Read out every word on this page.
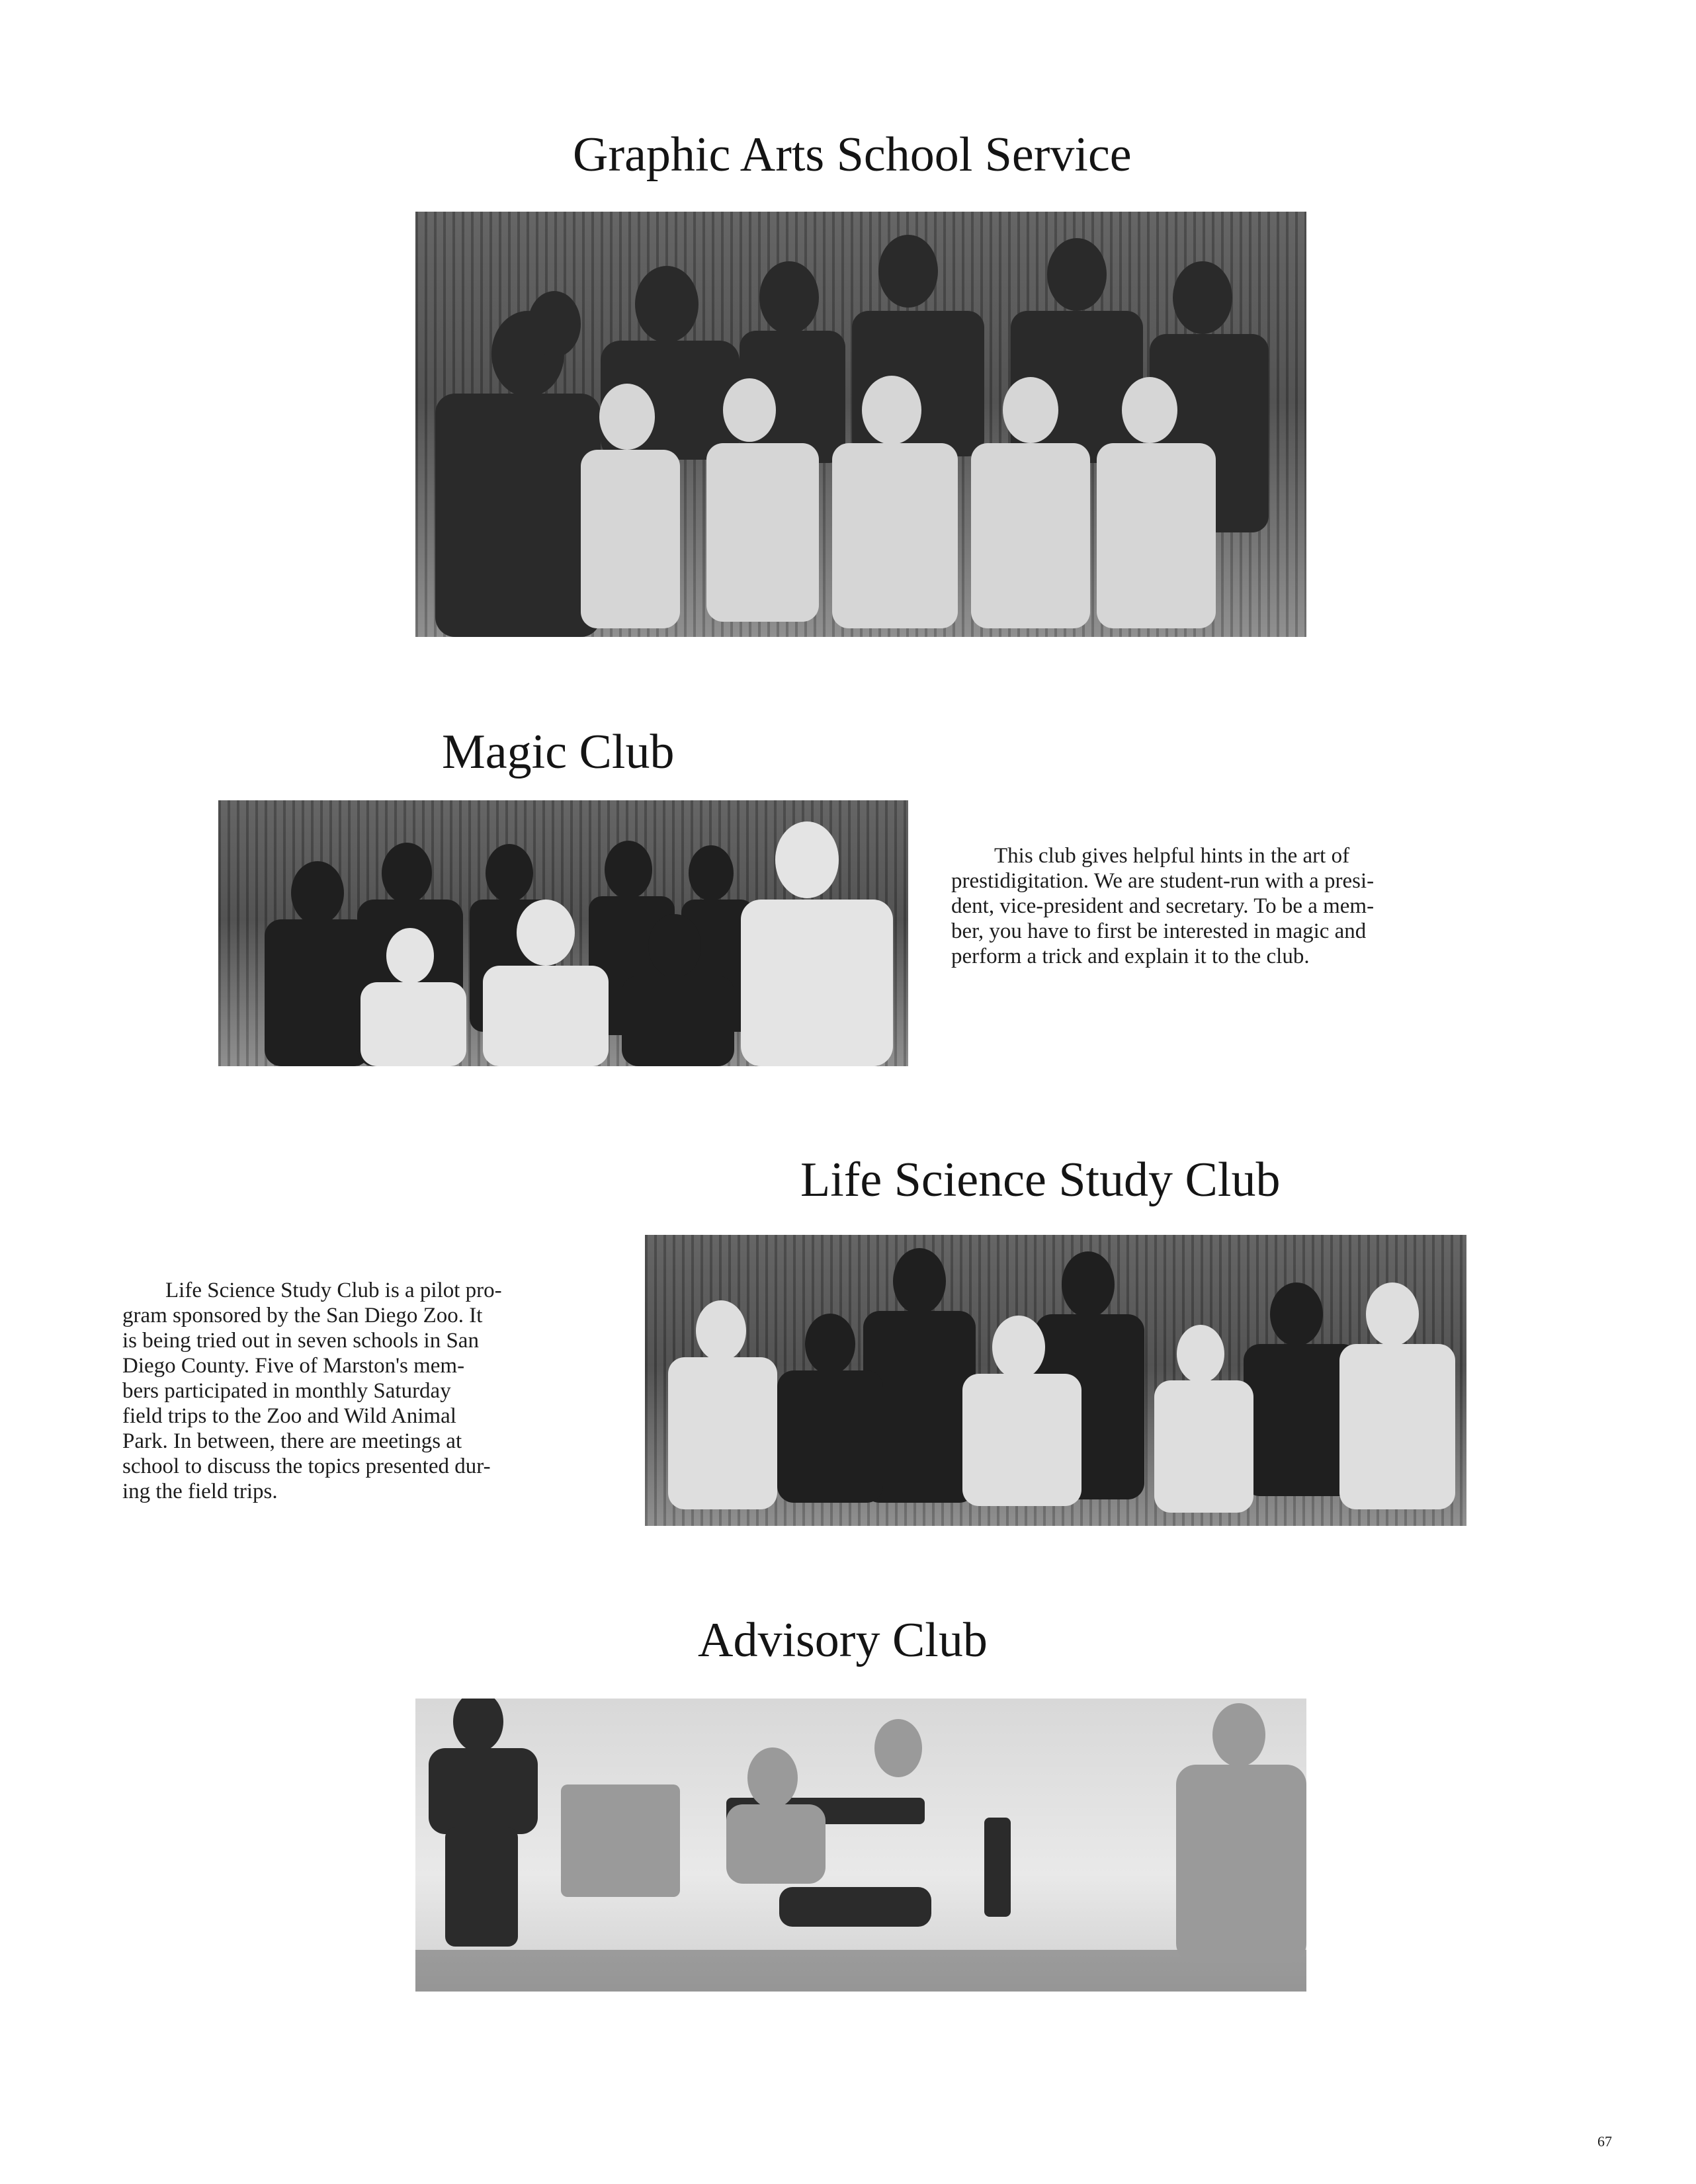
Graphic Arts School Service
Magic Club
This club gives helpful hints in the art of
prestidigitation. We are student-run with a presi-
dent, vice-president and secretary. To be a mem-
ber, you have to first be interested in magic and
perform a trick and explain it to the club.
Life Science Study Club
Life Science Study Club is a pilot pro-
gram sponsored by the San Diego Zoo. It
is being tried out in seven schools in San
Diego County. Five of Marston's mem-
bers participated in monthly Saturday
field trips to the Zoo and Wild Animal
Park. In between, there are meetings at
school to discuss the topics presented dur-
ing the field trips.
Advisory Club

67
